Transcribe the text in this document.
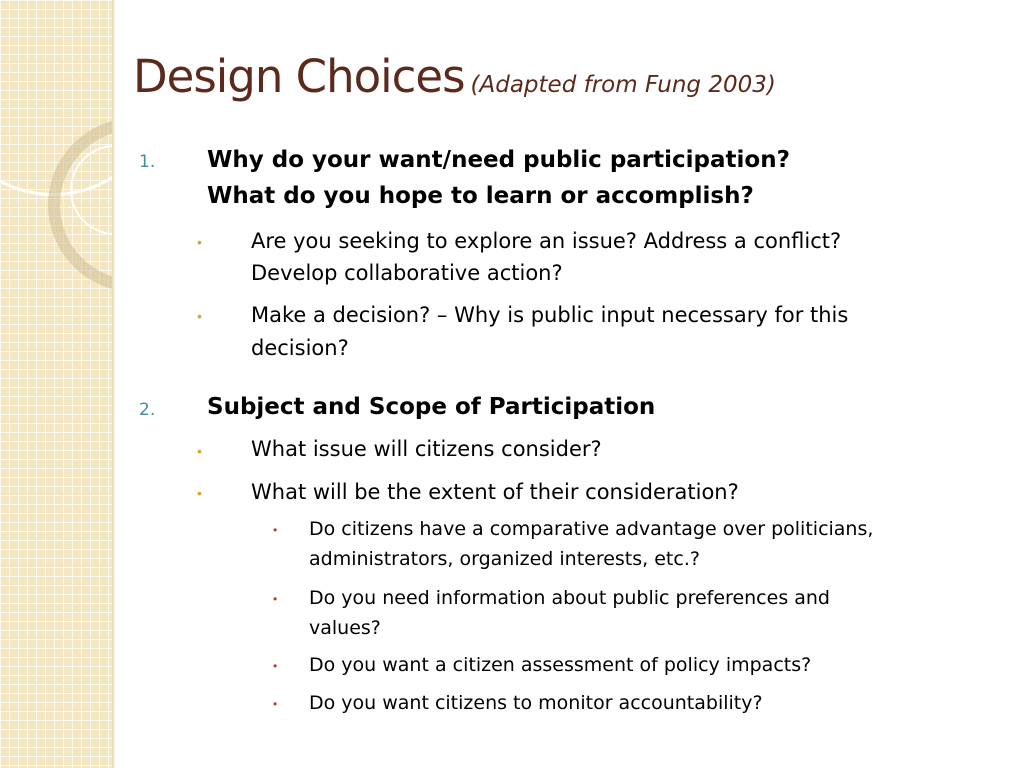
Design Choices (Adapted from Fung 2003)
1. Why do your want/need public participation?
What do you hope to learn or accomplish?
• Are you seeking to explore an issue? Address a conflict?
Develop collaborative action?
• Make a decision? – Why is public input necessary for this
decision?
2. Subject and Scope of Participation
• What issue will citizens consider?
• What will be the extent of their consideration?
• Do citizens have a comparative advantage over politicians,
administrators, organized interests, etc.?
• Do you need information about public preferences and
values?
• Do you want a citizen assessment of policy impacts?
• Do you want citizens to monitor accountability?
